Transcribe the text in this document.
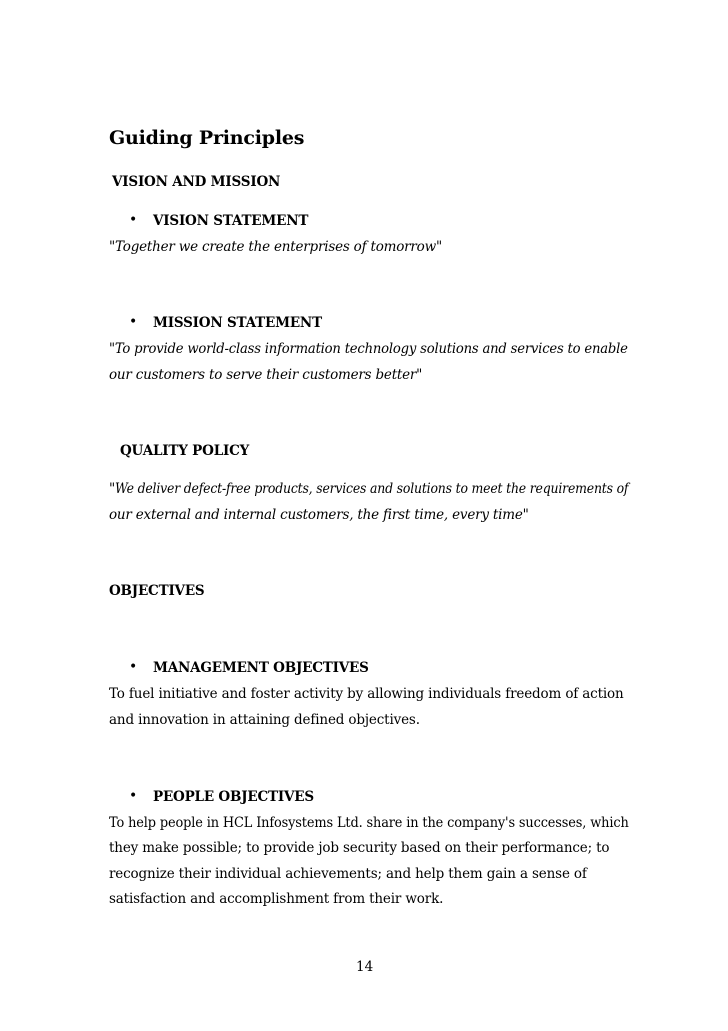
Guiding Principles
VISION AND MISSION
• VISION STATEMENT
"Together we create the enterprises of tomorrow"
• MISSION STATEMENT
"To provide world-class information technology solutions and services to enable
our customers to serve their customers better"
QUALITY POLICY
" We deliver defect-free products, services and solutions to meet the requirements of
our external and internal customers, the first time, every time"
OBJECTIVES
• MANAGEMENT OBJECTIVES
To fuel initiative and foster activity by allowing individuals freedom of action
and innovation in attaining defined objectives.
• PEOPLE OBJECTIVES
To help people in HCL Infosystems Ltd. share in the company's successes, which
they make possible; to provide job security based on their performance; to
recognize their individual achievements; and help them gain a sense of
satisfaction and accomplishment from their work.
14
